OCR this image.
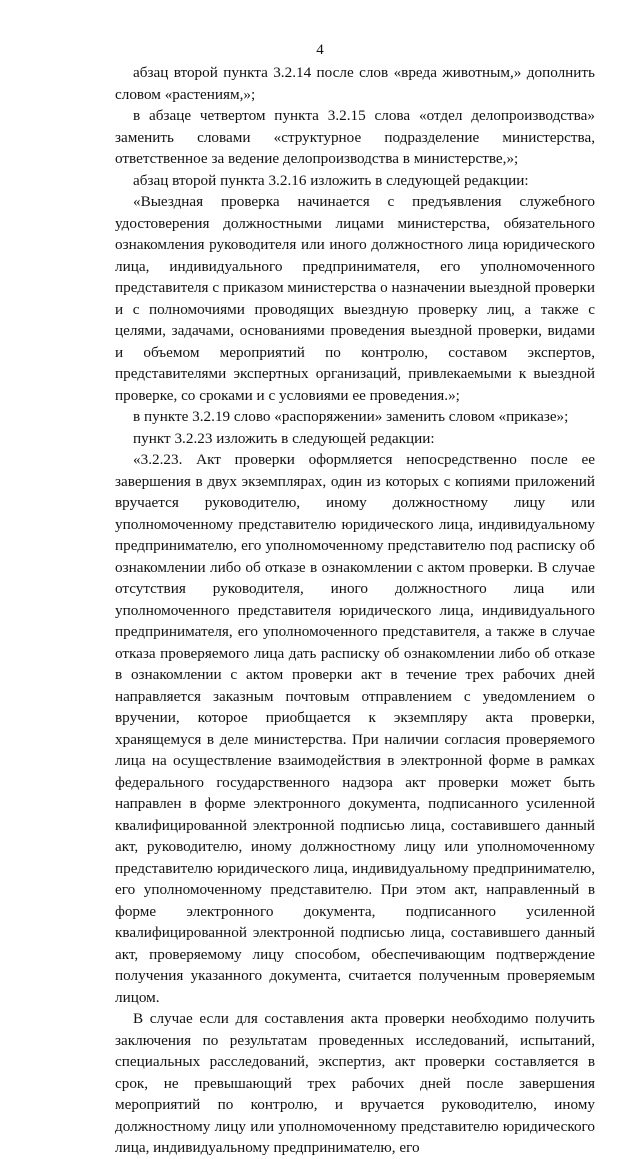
4

абзац второй пункта 3.2.14 после слов «вреда животным,» дополнить словом «растениям,»;

в абзаце четвертом пункта 3.2.15 слова «отдел делопроизводства» заменить словами «структурное подразделение министерства, ответственное за ведение делопроизводства в министерстве,»;

абзац второй пункта 3.2.16 изложить в следующей редакции:

«Выездная проверка начинается с предъявления служебного удостоверения должностными лицами министерства, обязательного ознакомления руководителя или иного должностного лица юридического лица, индивидуального предпринимателя, его уполномоченного представителя с приказом министерства о назначении выездной проверки и с полномочиями проводящих выездную проверку лиц, а также с целями, задачами, основаниями проведения выездной проверки, видами и объемом мероприятий по контролю, составом экспертов, представителями экспертных организаций, привлекаемыми к выездной проверке, со сроками и с условиями ее проведения.»;

в пункте 3.2.19 слово «распоряжении» заменить словом «приказе»;

пункт 3.2.23 изложить в следующей редакции:

«3.2.23. Акт проверки оформляется непосредственно после ее завершения в двух экземплярах, один из которых с копиями приложений вручается руководителю, иному должностному лицу или уполномоченному представителю юридического лица, индивидуальному предпринимателю, его уполномоченному представителю под расписку об ознакомлении либо об отказе в ознакомлении с актом проверки. В случае отсутствия руководителя, иного должностного лица или уполномоченного представителя юридического лица, индивидуального предпринимателя, его уполномоченного представителя, а также в случае отказа проверяемого лица дать расписку об ознакомлении либо об отказе в ознакомлении с актом проверки акт в течение трех рабочих дней направляется заказным почтовым отправлением с уведомлением о вручении, которое приобщается к экземпляру акта проверки, хранящемуся в деле министерства. При наличии согласия проверяемого лица на осуществление взаимодействия в электронной форме в рамках федерального государственного надзора акт проверки может быть направлен в форме электронного документа, подписанного усиленной квалифицированной электронной подписью лица, составившего данный акт, руководителю, иному должностному лицу или уполномоченному представителю юридического лица, индивидуальному предпринимателю, его уполномоченному представителю. При этом акт, направленный в форме электронного документа, подписанного усиленной квалифицированной электронной подписью лица, составившего данный акт, проверяемому лицу способом, обеспечивающим подтверждение получения указанного документа, считается полученным проверяемым лицом.

В случае если для составления акта проверки необходимо получить заключения по результатам проведенных исследований, испытаний, специальных расследований, экспертиз, акт проверки составляется в срок, не превышающий трех рабочих дней после завершения мероприятий по контролю, и вручается руководителю, иному должностному лицу или уполномоченному представителю юридического лица, индивидуальному предпринимателю, его
